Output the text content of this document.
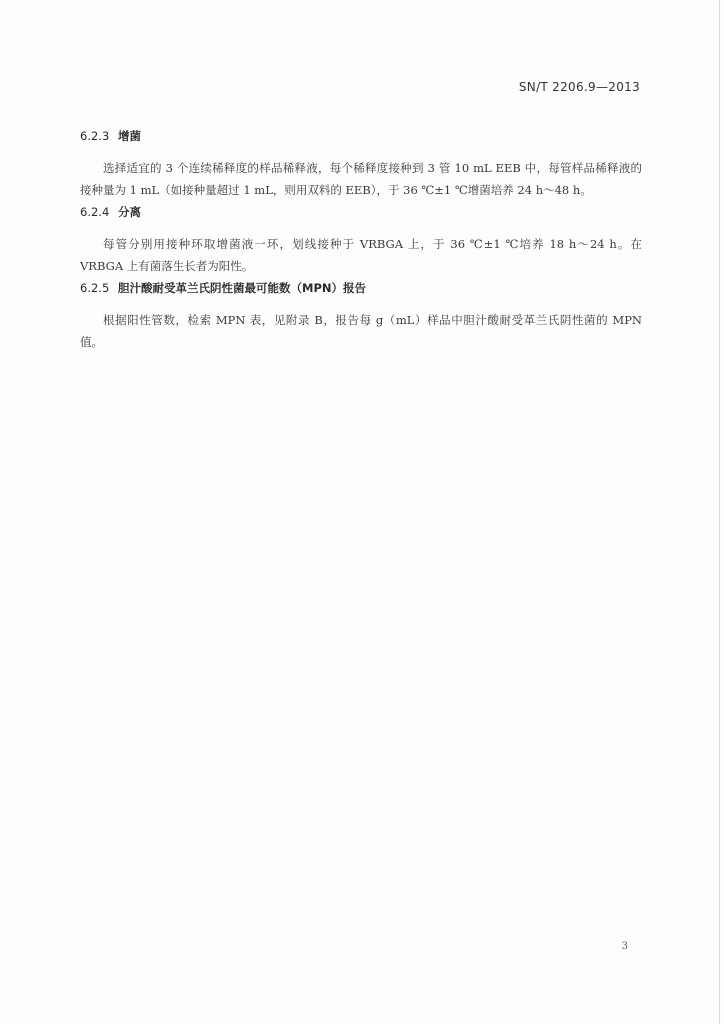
SN/T 2206.9—2013
6.2.3 增菌

选择适宜的 3 个连续稀释度的样品稀释液，每个稀释度接种到 3 管 10 mL EEB 中，每管样品稀释液的接种量为 1 mL（如接种量超过 1 mL，则用双料的 EEB），于 36 ℃±1 ℃增菌培养 24 h～48 h。

6.2.4 分离

每管分别用接种环取增菌液一环，划线接种于 VRBGA 上，于 36 ℃±1 ℃培养 18 h～24 h。在 VRBGA 上有菌落生长者为阳性。

6.2.5 胆汁酸耐受革兰氏阴性菌最可能数（MPN）报告

根据阳性管数，检索 MPN 表，见附录 B，报告每 g（mL）样品中胆汁酸耐受革兰氏阴性菌的 MPN 值。

3
